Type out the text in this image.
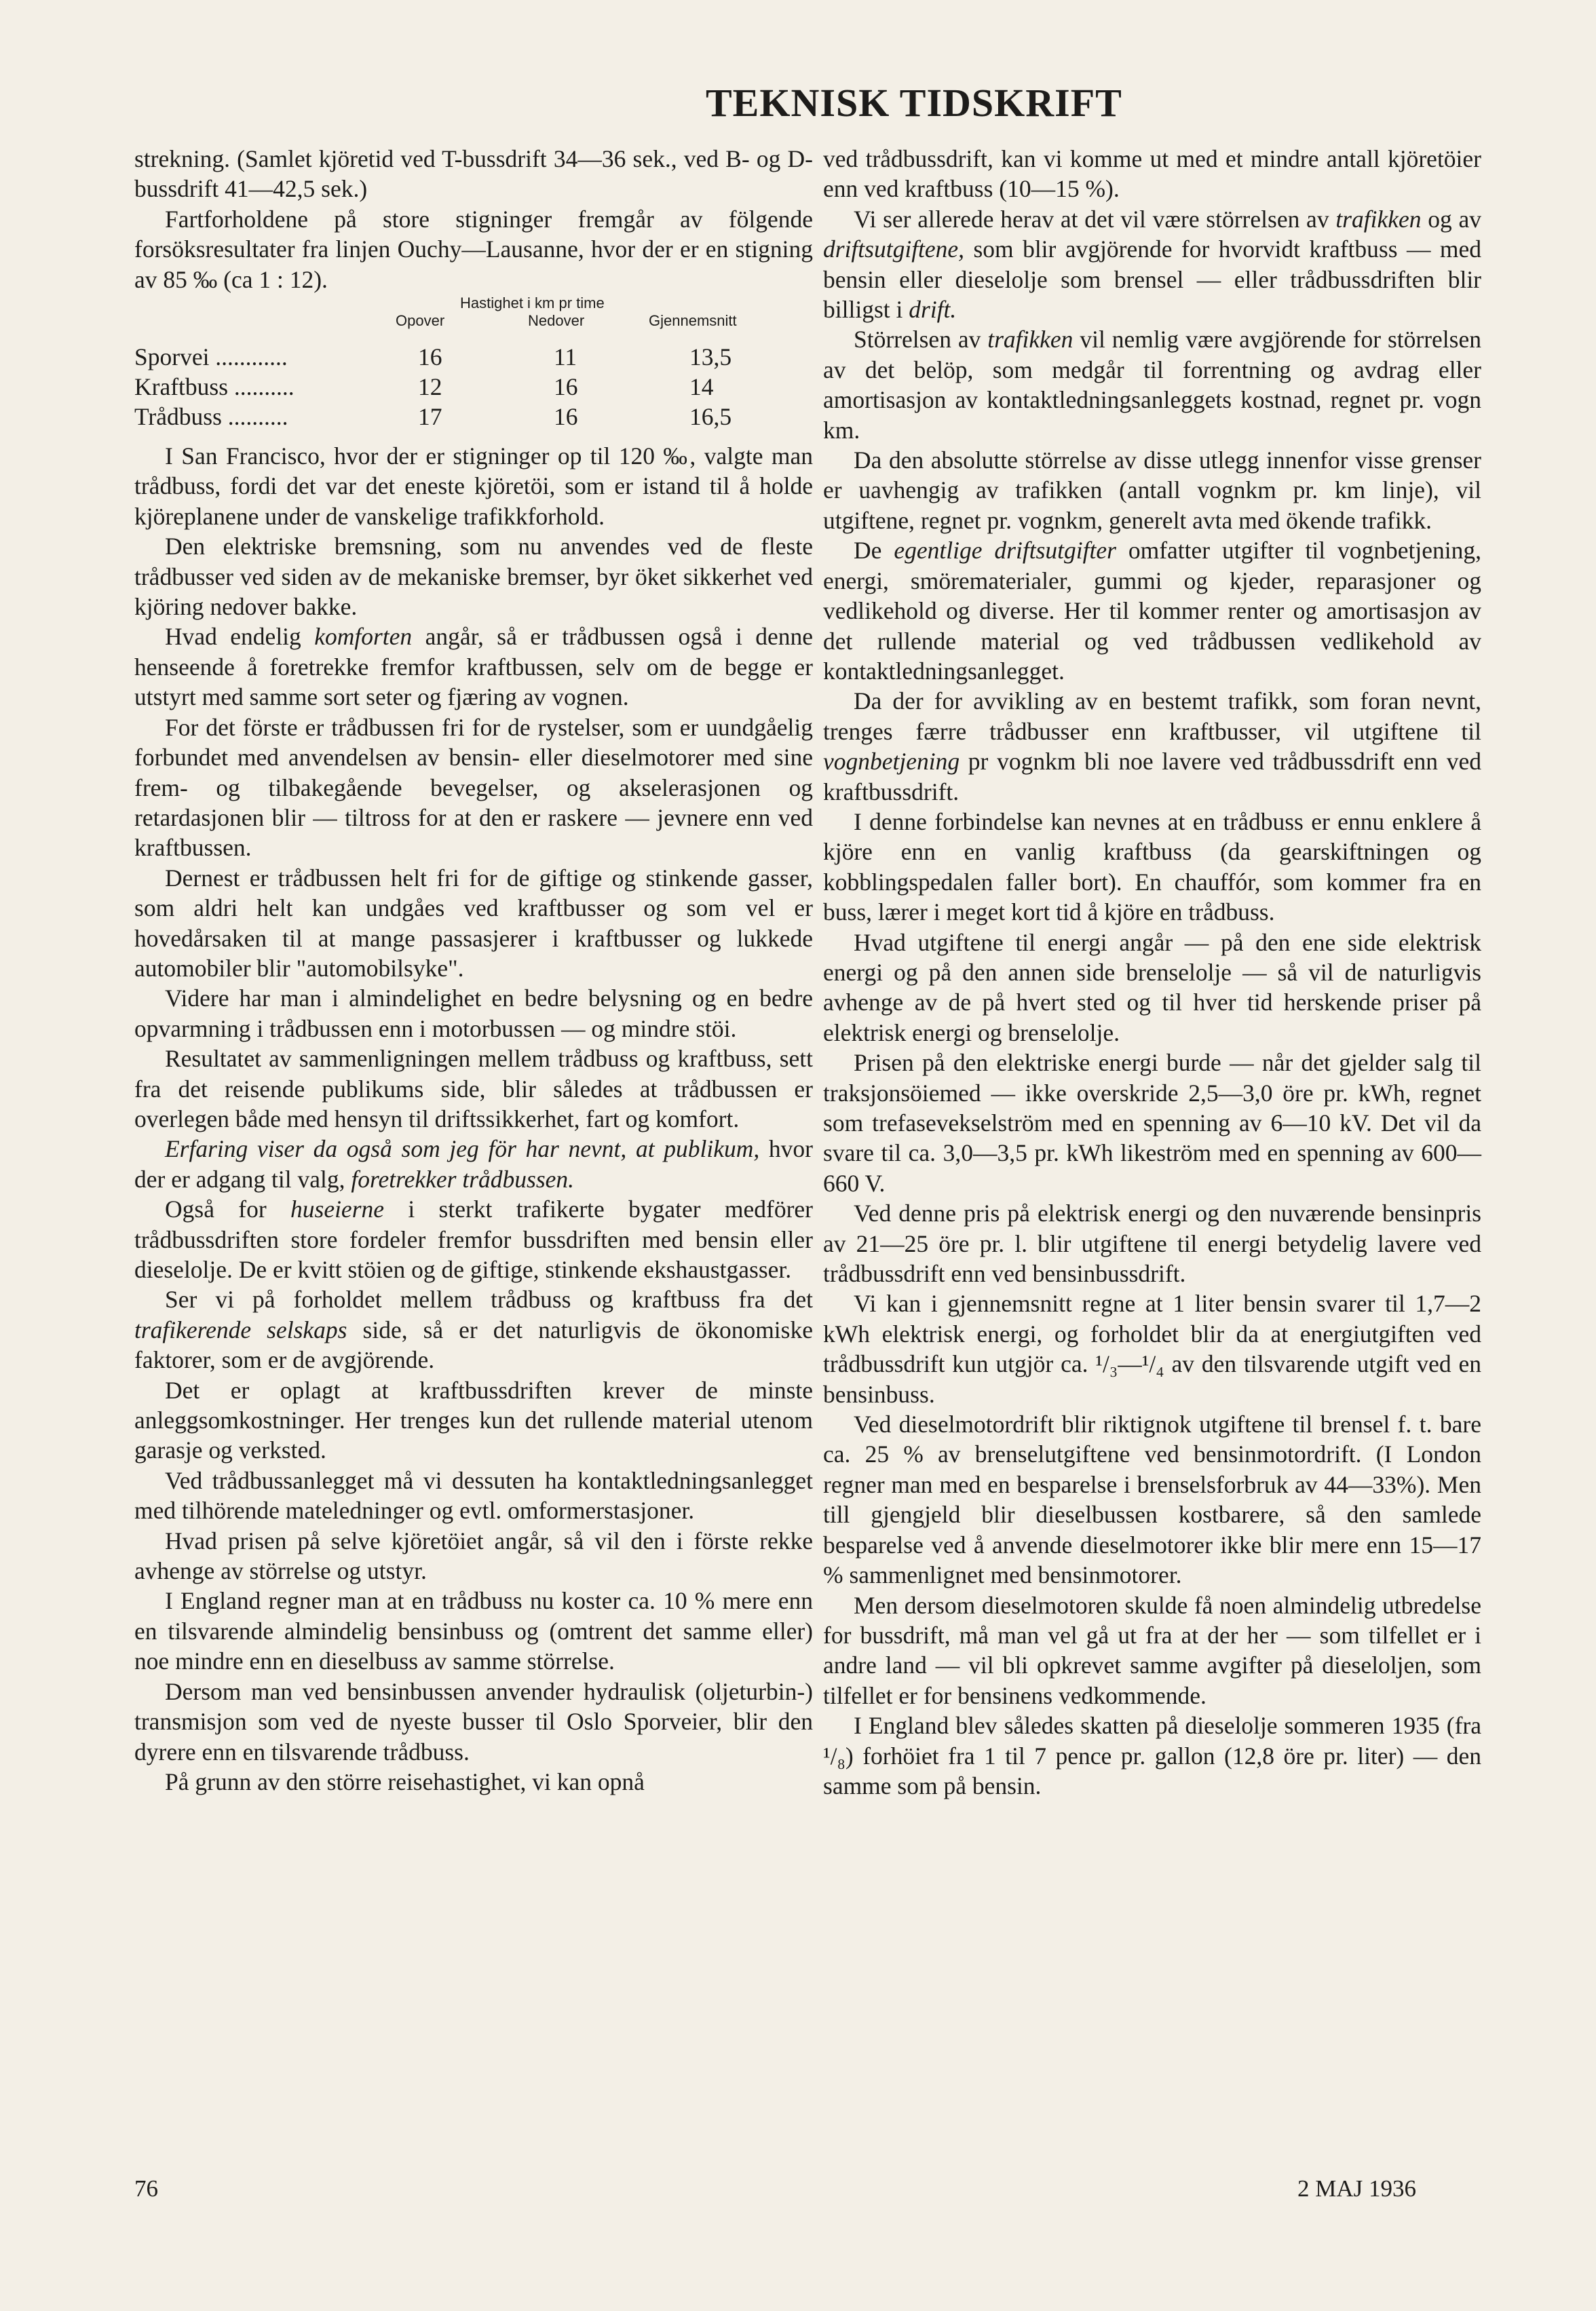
TEKNISK TIDSKRIFT

strekning. (Samlet kjöretid ved T-bussdrift 34—36 sek., ved B- og D-bussdrift 41—42,5 sek.)

Fartforholdene på store stigninger fremgår av fölgende forsöksresultater fra linjen Ouchy—Lausanne, hvor der er en stigning av 85 ‰ (ca 1 : 12).

Hastighet i km pr time
Opover	Nedover	Gjennemsnitt
Sporvei ............	16	11	13,5
Kraftbuss ..........	12	16	14
Trådbuss ..........	17	16	16,5

I San Francisco, hvor der er stigninger op til 120 ‰, valgte man trådbuss, fordi det var det eneste kjöretöi, som er istand til å holde kjöreplanene under de vanskelige trafikkforhold.

Den elektriske bremsning, som nu anvendes ved de fleste trådbusser ved siden av de mekaniske bremser, byr öket sikkerhet ved kjöring nedover bakke.

Hvad endelig komforten angår, så er trådbussen også i denne henseende å foretrekke fremfor kraftbussen, selv om de begge er utstyrt med samme sort seter og fjæring av vognen.

For det förste er trådbussen fri for de rystelser, som er uundgåelig forbundet med anvendelsen av bensin- eller dieselmotorer med sine frem- og tilbakegående bevegelser, og akselerasjonen og retardasjonen blir — tiltross for at den er raskere — jevnere enn ved kraftbussen.

Dernest er trådbussen helt fri for de giftige og stinkende gasser, som aldri helt kan undgåes ved kraftbusser og som vel er hovedårsaken til at mange passasjerer i kraftbusser og lukkede automobiler blir "automobilsyke".

Videre har man i almindelighet en bedre belysning og en bedre opvarmning i trådbussen enn i motorbussen — og mindre stöi.

Resultatet av sammenligningen mellem trådbuss og kraftbuss, sett fra det reisende publikums side, blir således at trådbussen er overlegen både med hensyn til driftssikkerhet, fart og komfort.

Erfaring viser da også som jeg för har nevnt, at publikum, hvor der er adgang til valg, foretrekker trådbussen.

Også for huseierne i sterkt trafikerte bygater medförer trådbussdriften store fordeler fremfor bussdriften med bensin eller dieselolje. De er kvitt stöien og de giftige, stinkende ekshaustgasser.

Ser vi på forholdet mellem trådbuss og kraftbuss fra det trafikerende selskaps side, så er det naturligvis de ökonomiske faktorer, som er de avgjörende.

Det er oplagt at kraftbussdriften krever de minste anleggsomkostninger. Her trenges kun det rullende material utenom garasje og verksted.

Ved trådbussanlegget må vi dessuten ha kontaktledningsanlegget med tilhörende mateledninger og evtl. omformerstasjoner.

Hvad prisen på selve kjöretöiet angår, så vil den i förste rekke avhenge av störrelse og utstyr.

I England regner man at en trådbuss nu koster ca. 10 % mere enn en tilsvarende almindelig bensinbuss og (omtrent det samme eller) noe mindre enn en dieselbuss av samme störrelse.

Dersom man ved bensinbussen anvender hydraulisk (oljeturbin-) transmisjon som ved de nyeste busser til Oslo Sporveier, blir den dyrere enn en tilsvarende trådbuss.

På grunn av den större reisehastighet, vi kan opnå

ved trådbussdrift, kan vi komme ut med et mindre antall kjöretöier enn ved kraftbuss (10—15 %).

Vi ser allerede herav at det vil være störrelsen av trafikken og av driftsutgiftene, som blir avgjörende for hvorvidt kraftbuss — med bensin eller dieselolje som brensel — eller trådbussdriften blir billigst i drift.

Störrelsen av trafikken vil nemlig være avgjörende for störrelsen av det belöp, som medgår til forrentning og avdrag eller amortisasjon av kontaktledningsanleggets kostnad, regnet pr. vogn km.

Da den absolutte störrelse av disse utlegg innenfor visse grenser er uavhengig av trafikken (antall vognkm pr. km linje), vil utgiftene, regnet pr. vognkm, generelt avta med ökende trafikk.

De egentlige driftsutgifter omfatter utgifter til vognbetjening, energi, smörematerialer, gummi og kjeder, reparasjoner og vedlikehold og diverse. Her til kommer renter og amortisasjon av det rullende material og ved trådbussen vedlikehold av kontaktledningsanlegget.

Da der for avvikling av en bestemt trafikk, som foran nevnt, trenges færre trådbusser enn kraftbusser, vil utgiftene til vognbetjening pr vognkm bli noe lavere ved trådbussdrift enn ved kraftbussdrift.

I denne forbindelse kan nevnes at en trådbuss er ennu enklere å kjöre enn en vanlig kraftbuss (da gearskiftningen og kobblingspedalen faller bort). En chauffór, som kommer fra en buss, lærer i meget kort tid å kjöre en trådbuss.

Hvad utgiftene til energi angår — på den ene side elektrisk energi og på den annen side brenselolje — så vil de naturligvis avhenge av de på hvert sted og til hver tid herskende priser på elektrisk energi og brenselolje.

Prisen på den elektriske energi burde — når det gjelder salg til traksjonsöiemed — ikke overskride 2,5—3,0 öre pr. kWh, regnet som trefasevekselström med en spenning av 6—10 kV. Det vil da svare til ca. 3,0—3,5 pr. kWh likeström med en spenning av 600—660 V.

Ved denne pris på elektrisk energi og den nuværende bensinpris av 21—25 öre pr. l. blir utgiftene til energi betydelig lavere ved trådbussdrift enn ved bensinbussdrift.

Vi kan i gjennemsnitt regne at 1 liter bensin svarer til 1,7—2 kWh elektrisk energi, og forholdet blir da at energiutgiften ved trådbussdrift kun utgjör ca. ¹/₃—¹/₄ av den tilsvarende utgift ved en bensinbuss.

Ved dieselmotordrift blir riktignok utgiftene til brensel f. t. bare ca. 25 % av brenselutgiftene ved bensinmotordrift. (I London regner man med en besparelse i brenselsforbruk av 44—33%). Men till gjengjeld blir dieselbussen kostbarere, så den samlede besparelse ved å anvende dieselmotorer ikke blir mere enn 15—17 % sammenlignet med bensinmotorer.

Men dersom dieselmotoren skulde få noen almindelig utbredelse for bussdrift, må man vel gå ut fra at der her — som tilfellet er i andre land — vil bli opkrevet samme avgifter på dieseloljen, som tilfellet er for bensinens vedkommende.

I England blev således skatten på dieselolje sommeren 1935 (fra ¹/₈) forhöiet fra 1 til 7 pence pr. gallon (12,8 öre pr. liter) — den samme som på bensin.

76	2 MAJ 1936
